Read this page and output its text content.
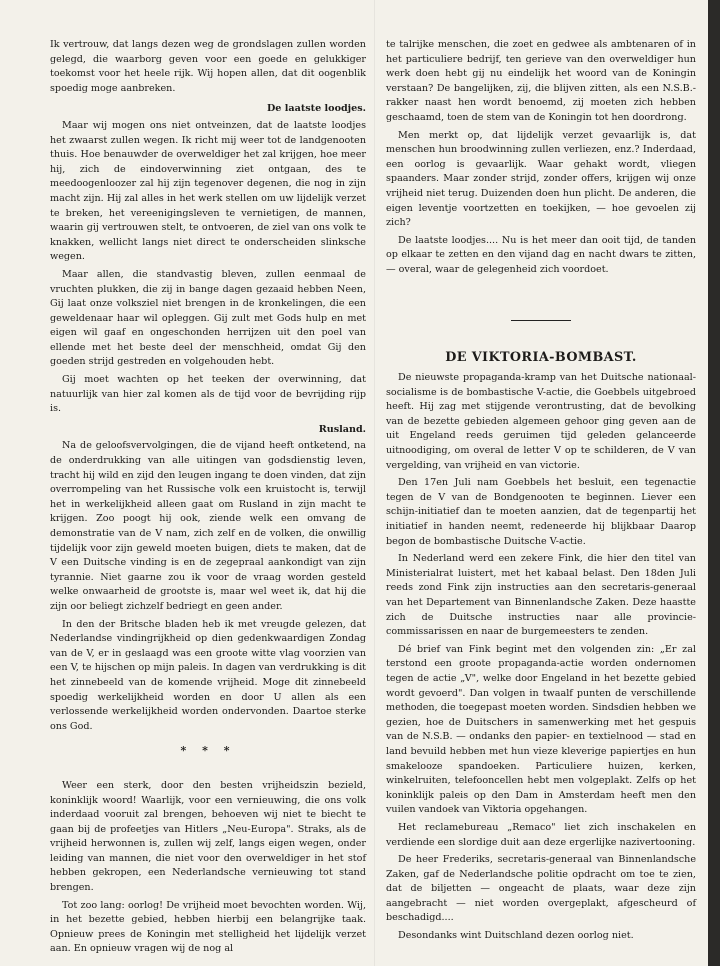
Ik vertrouw, dat langs dezen weg de grondslagen zullen worden gelegd, die waarborg geven voor een goede en gelukkiger toekomst voor het heele rijk. Wij hopen allen, dat dit oogenblik spoedig moge aanbreken.

De laatste loodjes.

Maar wij mogen ons niet ontveinzen, dat de laatste loodjes het zwaarst zullen wegen. Ik richt mij weer tot de landgenooten thuis. Hoe benauwder de overweldiger het zal krijgen, hoe meer hij, zich de eindoverwinning ziet ontgaan, des te meedoogenloozer zal hij zijn tegenover degenen, die nog in zijn macht zijn. Hij zal alles in het werk stellen om uw lijdelijk verzet te breken, het vereenigingsleven te vernietigen, de mannen, waarin gij vertrouwen stelt, te ontvoeren, de ziel van ons volk te knakken, wellicht langs niet direct te onderscheiden slinksche wegen.

Maar allen, die standvastig bleven, zullen eenmaal de vruchten plukken, die zij in bange dagen gezaaid hebben Neen, Gij laat onze volksziel niet brengen in de kronkelingen, die een geweldenaar haar wil opleggen. Gij zult met Gods hulp en met eigen wil gaaf en ongeschonden herrijzen uit den poel van ellende met het beste deel der menschheid, omdat Gij den goeden strijd gestreden en volgehouden hebt.

Gij moet wachten op het teeken der overwinning, dat natuurlijk van hier zal komen als de tijd voor de bevrijding rijp is.

Rusland.

Na de geloofsvervolgingen, die de vijand heeft ontketend, na de onderdrukking van alle uitingen van godsdienstig leven, tracht hij wild en zijd den leugen ingang te doen vinden, dat zijn overrompeling van het Russische volk een kruistocht is, terwijl het in werkelijkheid alleen gaat om Rusland in zijn macht te krijgen. Zoo poogt hij ook, ziende welk een omvang de demonstratie van de V nam, zich zelf en de volken, die onwillig tijdelijk voor zijn geweld moeten buigen, diets te maken, dat de V een Duitsche vinding is en de zegepraal aankondigt van zijn tyrannie. Niet gaarne zou ik voor de vraag worden gesteld welke onwaarheid de grootste is, maar wel weet ik, dat hij die zijn oor beliegt zichzelf bedriegt en geen ander.

In den der Britsche bladen heb ik met vreugde gelezen, dat Nederlandse vindingrijkheid op dien gedenkwaardigen Zondag van de V, er in geslaagd was een groote witte vlag voorzien van een V, te hijschen op mijn paleis. In dagen van verdrukking is dit het zinnebeeld van de komende vrijheid. Moge dit zinnebeeld spoedig werkelijkheid worden en door U allen als een verlossende werkelijkheid worden ondervonden. Daartoe sterke ons God.

* * *

Weer een sterk, door den besten vrijheidszin bezield, koninklijk woord! Waarlijk, voor een vernieuwing, die ons volk inderdaad vooruit zal brengen, behoeven wij niet te biecht te gaan bij de profeetjes van Hitlers „Neu-Europa". Straks, als de vrijheid herwonnen is, zullen wij zelf, langs eigen wegen, onder leiding van mannen, die niet voor den overweldiger in het stof hebben gekropen, een Nederlandsche vernieuwing tot stand brengen.

Tot zoo lang: oorlog! De vrijheid moet bevochten worden. Wij, in het bezette gebied, hebben hierbij een belangrijke taak. Opnieuw prees de Koningin met stelligheid het lijdelijk verzet aan. En opnieuw vragen wij de nog al

te talrijke menschen, die zoet en gedwee als ambtenaren of in het particuliere bedrijf, ten gerieve van den overweldiger hun werk doen hebt gij nu eindelijk het woord van de Koningin verstaan? De bangelijken, zij, die blijven zitten, als een N.S.B.-rakker naast hen wordt benoemd, zij moeten zich hebben geschaamd, toen de stem van de Koningin tot hen doordrong.

Men merkt op, dat lijdelijk verzet gevaarlijk is, dat menschen hun broodwinning zullen verliezen, enz.? Inderdaad, een oorlog is gevaarlijk. Waar gehakt wordt, vliegen spaanders. Maar zonder strijd, zonder offers, krijgen wij onze vrijheid niet terug. Duizenden doen hun plicht. De anderen, die eigen leventje voortzetten en toekijken, — hoe gevoelen zij zich?

De laatste loodjes.... Nu is het meer dan ooit tijd, de tanden op elkaar te zetten en den vijand dag en nacht dwars te zitten, — overal, waar de gelegenheid zich voordoet.

DE VIKTORIA-BOMBAST.

De nieuwste propaganda-kramp van het Duitsche nationaal-socialisme is de bombastische V-actie, die Goebbels uitgebroed heeft. Hij zag met stijgende verontrusting, dat de bevolking van de bezette gebieden algemeen gehoor ging geven aan de uit Engeland reeds geruimen tijd geleden gelanceerde uitnoodiging, om overal de letter V op te schilderen, de V van vergelding, van vrijheid en van victorie.

Den 17en Juli nam Goebbels het besluit, een tegenactie tegen de V van de Bondgenooten te beginnen. Liever een schijn-initiatief dan te moeten aanzien, dat de tegenpartij het initiatief in handen neemt, redeneerde hij blijkbaar Daarop begon de bombastische Duitsche V-actie.

In Nederland werd een zekere Fink, die hier den titel van Ministerialrat luistert, met het kabaal belast. Den 18den Juli reeds zond Fink zijn instructies aan den secretaris-generaal van het Departement van Binnenlandsche Zaken. Deze haastte zich de Duitsche instructies naar alle provincie-commissarissen en naar de burgemeesters te zenden.

Dé brief van Fink begint met den volgenden zin: „Er zal terstond een groote propaganda-actie worden ondernomen tegen de actie „V", welke door Engeland in het bezette gebied wordt gevoerd". Dan volgen in twaalf punten de verschillende methoden, die toegepast moeten worden. Sindsdien hebben we gezien, hoe de Duitschers in samenwerking met het gespuis van de N.S.B. — ondanks den papier- en textielnood — stad en land bevuild hebben met hun vieze kleverige papiertjes en hun smakelooze spandoeken. Particuliere huizen, kerken, winkelruiten, telefooncellen hebt men volgeplakt. Zelfs op het koninklijk paleis op den Dam in Amsterdam heeft men den vuilen vandoek van Viktoria opgehangen.

Het reclamebureau „Remaco" liet zich inschakelen en verdiende een slordige duit aan deze ergerlijke nazivertooning.

De heer Frederiks, secretaris-generaal van Binnenlandsche Zaken, gaf de Nederlandsche politie opdracht om toe te zien, dat de biljetten — ongeacht de plaats, waar deze zijn aangebracht — niet worden overgeplakt, afgescheurd of beschadigd....

Desondanks wint Duitschland dezen oorlog niet.
